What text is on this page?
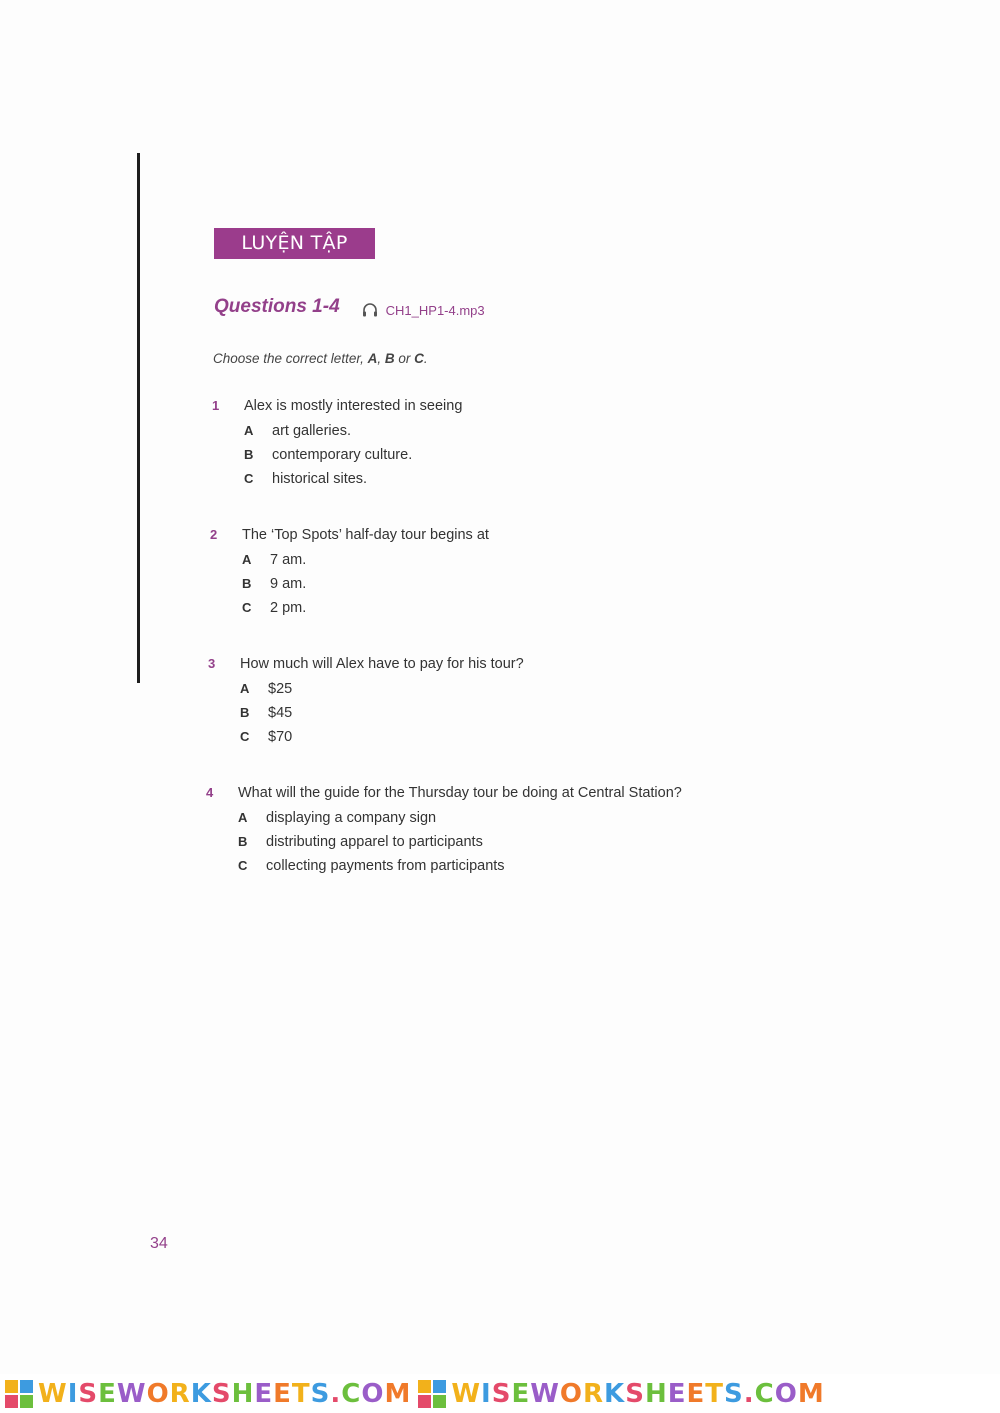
LUYỆN TẬP
Questions 1-4	CH1_HP1-4.mp3
Choose the correct letter, A, B or C.
1	Alex is mostly interested in seeing
A	art galleries.
B	contemporary culture.
C	historical sites.
2	The ‘Top Spots’ half-day tour begins at
A	7 am.
B	9 am.
C	2 pm.
3	How much will Alex have to pay for his tour?
A	$25
B	$45
C	$70
4	What will the guide for the Thursday tour be doing at Central Station?
A	displaying a company sign
B	distributing apparel to participants
C	collecting payments from participants
34
WISEWORKSHEETS.COM WISEWORKSHEETS.COM
